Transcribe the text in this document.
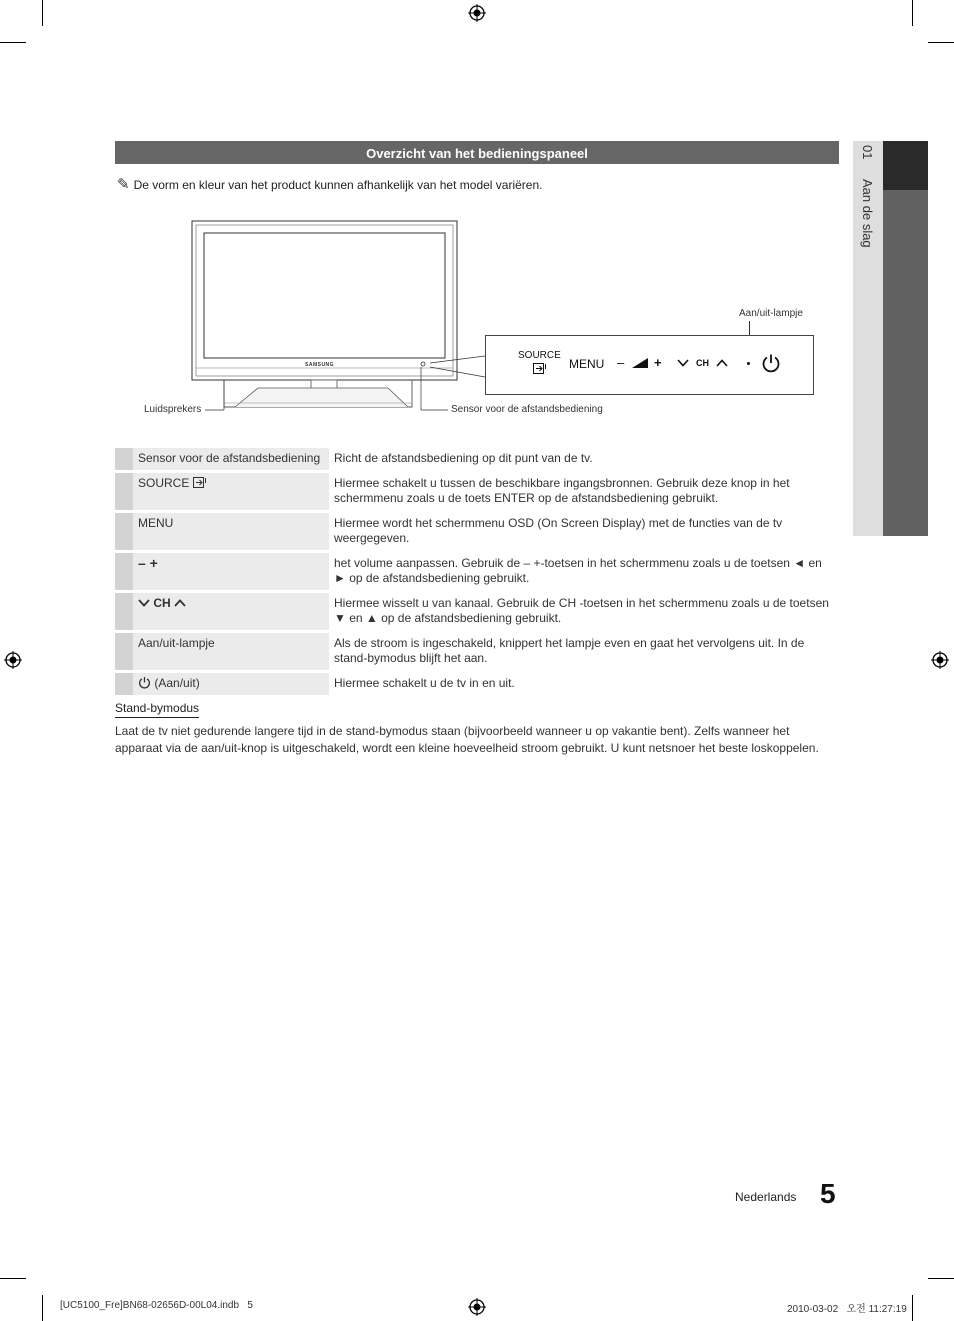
01 Aan de slag
Overzicht van het bedieningspaneel
✎ De vorm en kleur van het product kunnen afhankelijk van het model variëren.
SAMSUNG
Luidsprekers	Sensor voor de afstandsbediening
Aan/uit-lampje
SOURCE
MENU – +	CH
	Sensor voor de afstandsbediening	Richt de afstandsbediening op dit punt van de tv.
	SOURCE	Hiermee schakelt u tussen de beschikbare ingangsbronnen. Gebruik deze knop in het schermmenu zoals u de toets ENTER op de afstandsbediening gebruikt.
	MENU	Hiermee wordt het schermmenu OSD (On Screen Display) met de functies van de tv weergegeven.
	– +	het volume aanpassen. Gebruik de – +-toetsen in het schermmenu zoals u de toetsen ◄ en ► op de afstandsbediening gebruikt.
	CH	Hiermee wisselt u van kanaal. Gebruik de CH -toetsen in het schermmenu zoals u de toetsen ▼ en ▲ op de afstandsbediening gebruikt.
	Aan/uit-lampje	Als de stroom is ingeschakeld, knippert het lampje even en gaat het vervolgens uit. In de stand-bymodus blijft het aan.
	(Aan/uit)	Hiermee schakelt u de tv in en uit.
Stand-bymodus
Laat de tv niet gedurende langere tijd in de stand-bymodus staan (bijvoorbeeld wanneer u op vakantie bent). Zelfs wanneer het apparaat via de aan/uit-knop is uitgeschakeld, wordt een kleine hoeveelheid stroom gebruikt. U kunt netsnoer het beste loskoppelen.
Nederlands 5
[UC5100_Fre]BN68-02656D-00L04.indb   5	2010-03-02   오전 11:27:19
